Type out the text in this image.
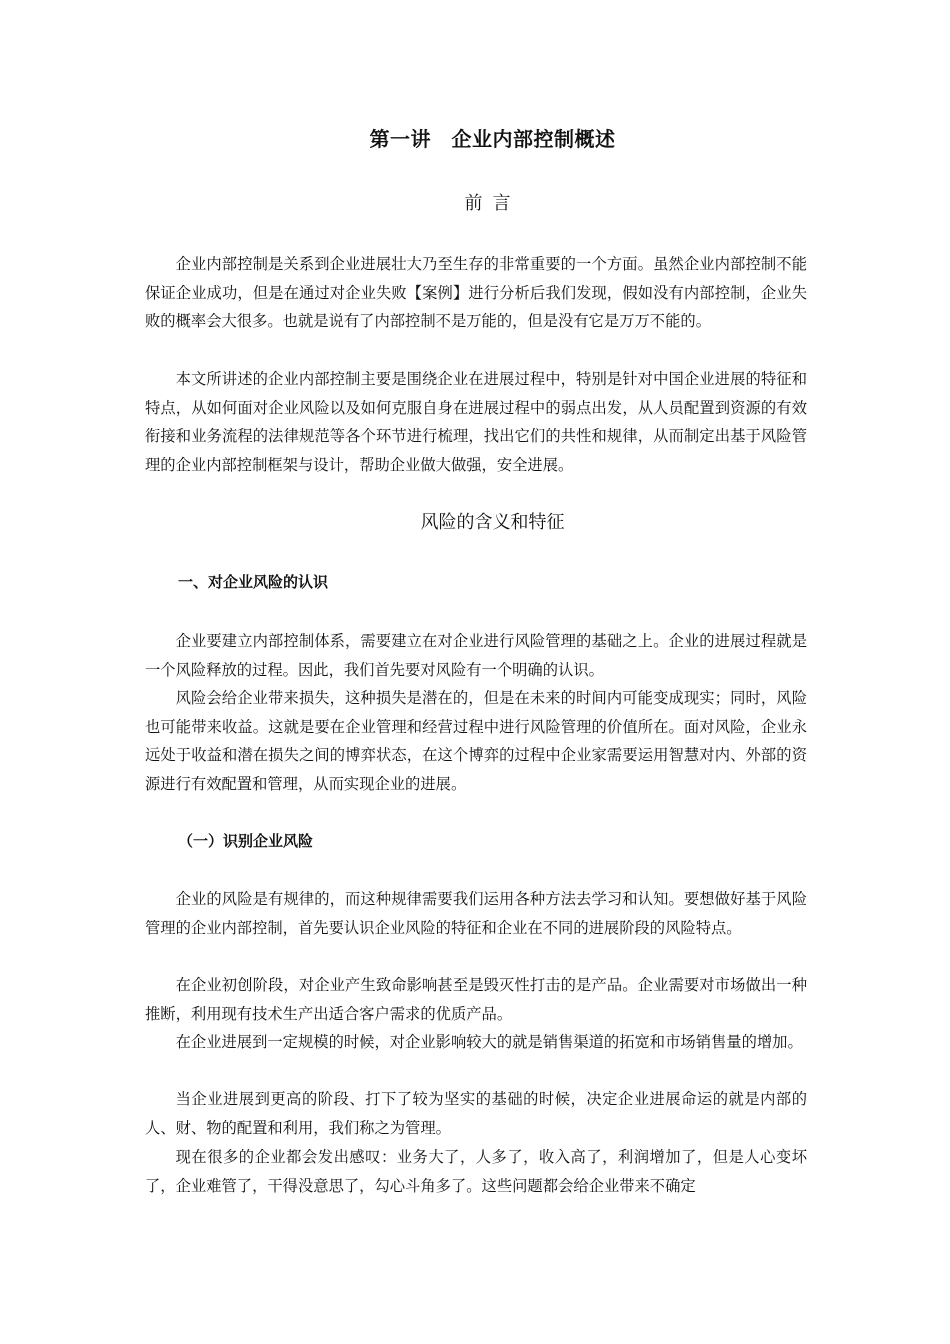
第一讲　企业内部控制概述
前言

企业内部控制是关系到企业进展壮大乃至生存的非常重要的一个方面。虽然企业内部控制不能保证企业成功，但是在通过对企业失败【案例】进行分析后我们发现，假如没有内部控制，企业失败的概率会大很多。也就是说有了内部控制不是万能的，但是没有它是万万不能的。

本文所讲述的企业内部控制主要是围绕企业在进展过程中，特别是针对中国企业进展的特征和特点，从如何面对企业风险以及如何克服自身在进展过程中的弱点出发，从人员配置到资源的有效衔接和业务流程的法律规范等各个环节进行梳理，找出它们的共性和规律，从而制定出基于风险管理的企业内部控制框架与设计，帮助企业做大做强，安全进展。

风险的含义和特征
一、对企业风险的认识

企业要建立内部控制体系，需要建立在对企业进行风险管理的基础之上。企业的进展过程就是一个风险释放的过程。因此，我们首先要对风险有一个明确的认识。

风险会给企业带来损失，这种损失是潜在的，但是在未来的时间内可能变成现实；同时，风险也可能带来收益。这就是要在企业管理和经营过程中进行风险管理的价值所在。面对风险，企业永远处于收益和潜在损失之间的博弈状态，在这个博弈的过程中企业家需要运用智慧对内、外部的资源进行有效配置和管理，从而实现企业的进展。

（一）识别企业风险

企业的风险是有规律的，而这种规律需要我们运用各种方法去学习和认知。要想做好基于风险管理的企业内部控制，首先要认识企业风险的特征和企业在不同的进展阶段的风险特点。

在企业初创阶段，对企业产生致命影响甚至是毁灭性打击的是产品。企业需要对市场做出一种推断，利用现有技术生产出适合客户需求的优质产品。

在企业进展到一定规模的时候，对企业影响较大的就是销售渠道的拓宽和市场销售量的增加。

当企业进展到更高的阶段、打下了较为坚实的基础的时候，决定企业进展命运的就是内部的人、财、物的配置和利用，我们称之为管理。

现在很多的企业都会发出感叹：业务大了，人多了，收入高了，利润增加了，但是人心变坏了，企业难管了，干得没意思了，勾心斗角多了。这些问题都会给企业带来不确定
